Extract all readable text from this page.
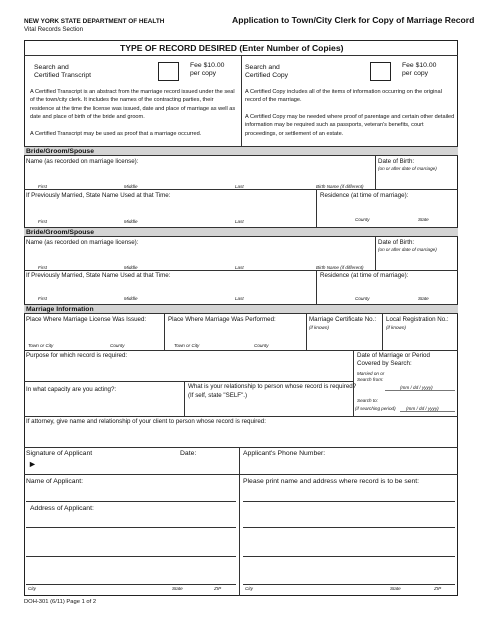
NEW YORK STATE DEPARTMENT OF HEALTH
Vital Records Section
Application to Town/City Clerk for Copy of Marriage Record
TYPE OF RECORD DESIRED (Enter Number of Copies)
Search and
Certified Transcript
Fee $10.00
per copy
A Certified Transcript is an abstract from the marriage record issued under the seal of the town/city clerk. It includes the names of the contracting parties, their residence at the time the license was issued, date and place of marriage as well as date and place of birth of the bride and groom.
A Certified Transcript may be used as proof that a marriage occurred.
Search and
Certified Copy
Fee $10.00
per copy
A Certified Copy includes all of the items of information occurring on the original record of the marriage.
A Certified Copy may be needed where proof of parentage and certain other detailed information may be required such as passports, veteran's benefits, court proceedings, or settlement of an estate.
Bride/Groom/Spouse
Name (as recorded on marriage license):
First	Middle	Last	Birth Name (if different)
Date of Birth:
(on or after date of marriage)
If Previously Married, State Name Used at that Time:	Residence (at time of marriage):
First	Middle	Last	County	State
Bride/Groom/Spouse
Name (as recorded on marriage license):
First	Middle	Last	Birth Name (if different)
Date of Birth:
(on or after date of marriage)
If Previously Married, State Name Used at that Time:	Residence (at time of marriage):
First	Middle	Last	County	State
Marriage Information
Place Where Marriage License Was Issued:	Place Where Marriage Was Performed:	Marriage Certificate No.:
(if known)
Local Registration No.:
(if known)
Town or City	County	Town or City	County
Purpose for which record is required:	Date of Marriage or Period
Covered by Search:
Married on or
Search from:
(mm / dd / yyyy)
Search to:
(if searching period) (mm / dd / yyyy)
In what capacity are you acting?:	What is your relationship to person whose record is required?
(If self, state "SELF".)
If attorney, give name and relationship of your client to person whose record is required:
Signature of Applicant
►
Date:	Applicant's Phone Number:
Name of Applicant:
Address of Applicant:
City	State	ZIP
Please print name and address where record is to be sent:
City	State	ZIP
DOH-301 (6/11) Page 1 of 2
